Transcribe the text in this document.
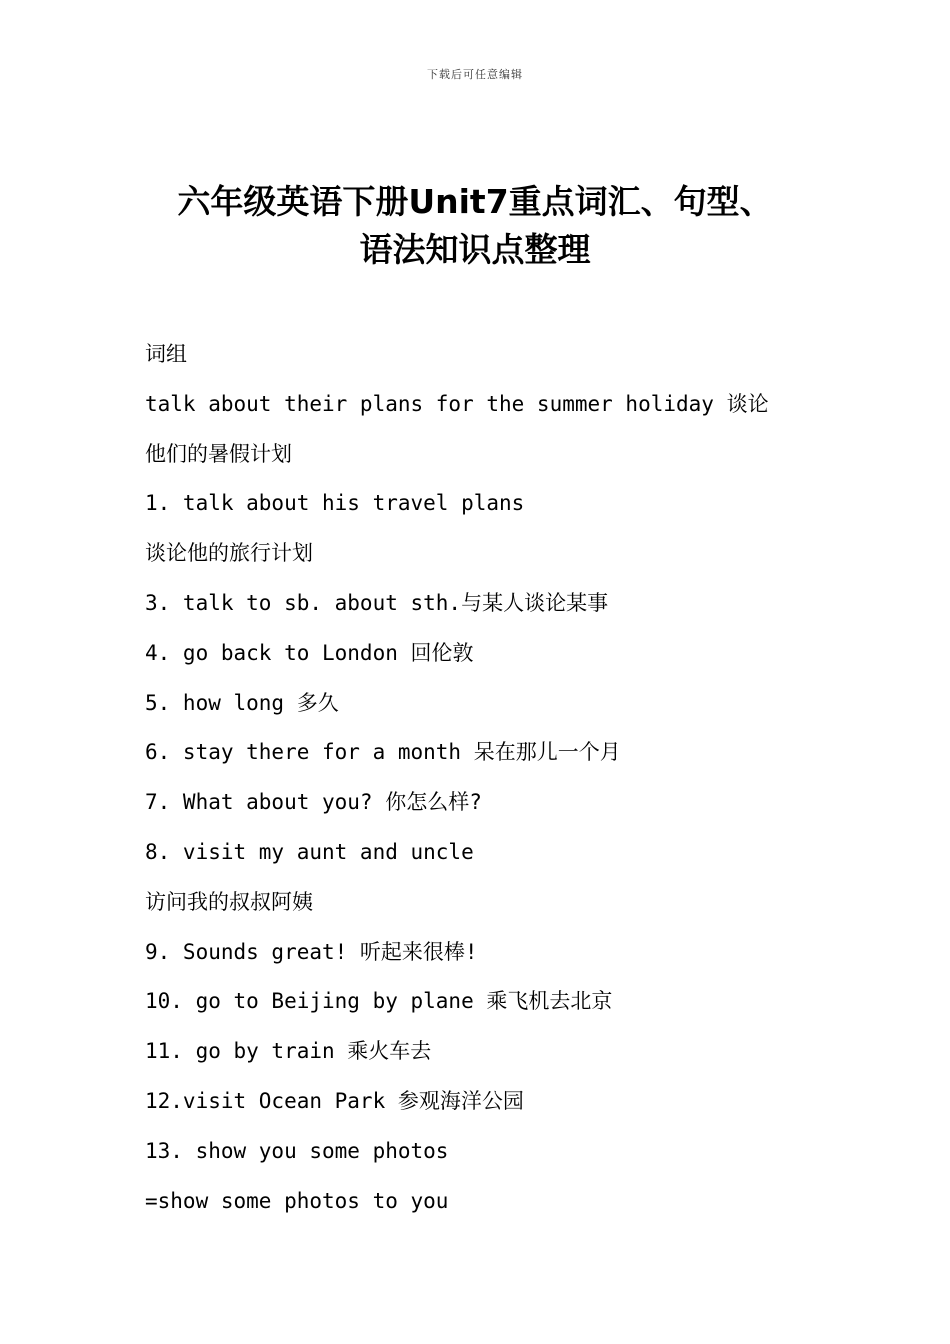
下载后可任意编辑
六年级英语下册Unit7重点词汇、句型、
语法知识点整理
词组
talk about their plans for the summer holiday 谈论
他们的暑假计划
1. talk about his travel plans
谈论他的旅行计划
3. talk to sb. about sth.与某人谈论某事
4. go back to London 回伦敦
5. how long 多久
6. stay there for a month 呆在那儿一个月
7. What about you? 你怎么样?
8. visit my aunt and uncle
访问我的叔叔阿姨
9. Sounds great! 听起来很棒!
10. go to Beijing by plane 乘飞机去北京
11. go by train 乘火车去
12.visit Ocean Park 参观海洋公园
13. show you some photos
=show some photos to you
